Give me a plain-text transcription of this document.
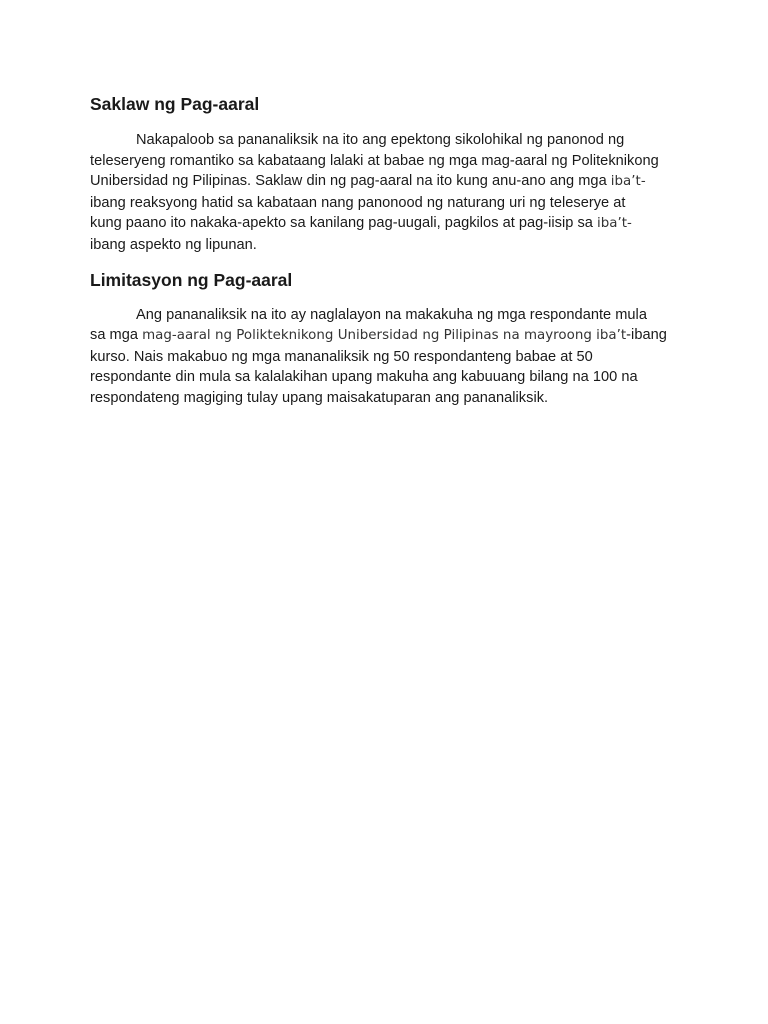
Saklaw ng Pag-aaral

Nakapaloob sa pananaliksik na ito ang epektong sikolohikal ng panonod ng
teleseryeng romantiko sa kabataang lalaki at babae ng mga mag-aaral ng Politeknikong
Unibersidad ng Pilipinas. Saklaw din ng pag-aaral na ito kung anu-ano ang mga iba’t-
ibang reaksyong hatid sa kabataan nang panonood ng naturang uri ng teleserye at
kung paano ito nakaka-apekto sa kanilang pag-uugali, pagkilos at pag-iisip sa iba’t-
ibang aspekto ng lipunan.

Limitasyon ng Pag-aaral

Ang pananaliksik na ito ay naglalayon na makakuha ng mga respondante mula
sa mga mag-aaral ng Polikteknikong Unibersidad ng Pilipinas na mayroong iba’t-ibang
kurso. Nais makabuo ng mga mananaliksik ng 50 respondanteng babae at 50
respondante din mula sa kalalakihan upang makuha ang kabuuang bilang na 100 na
respondateng magiging tulay upang maisakatuparan ang pananaliksik.
